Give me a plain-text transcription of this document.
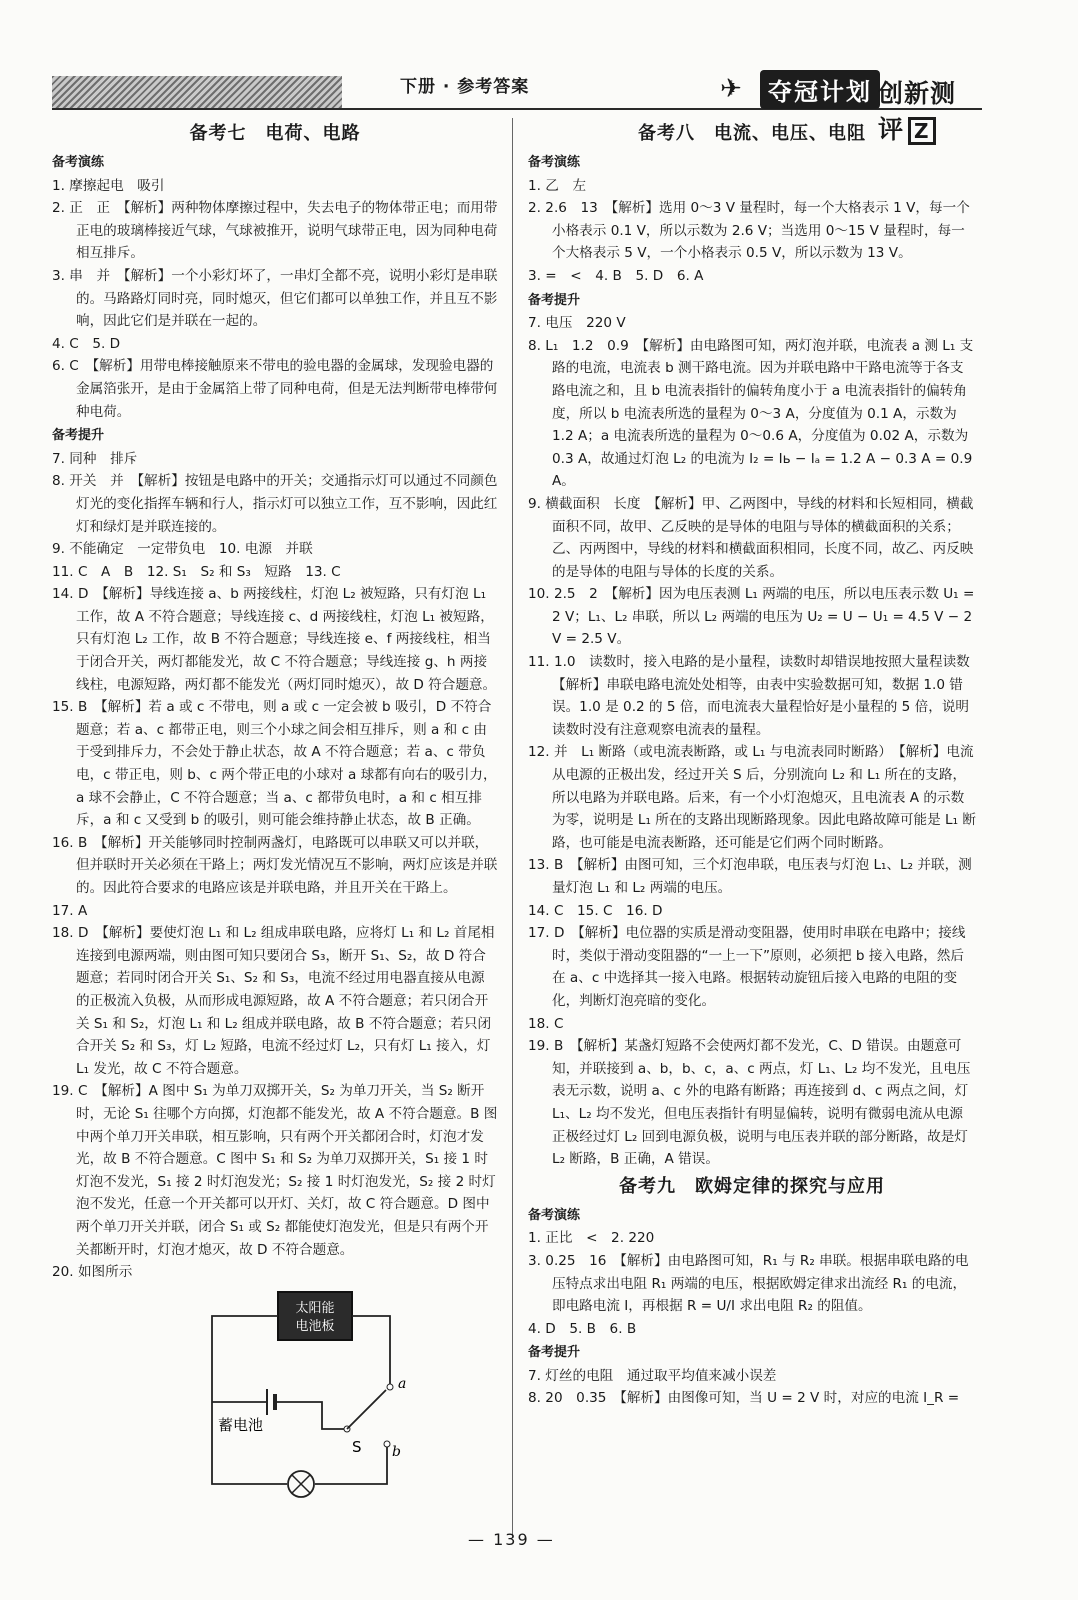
下册 · 参考答案	✈	夺冠计划 创新测评 Z
备考七　电荷、电路
备考演练

1. 摩擦起电　吸引

2. 正　正　【解析】两种物体摩擦过程中，失去电子的物体带正电；而用带正电的玻璃棒接近气球，气球被推开，说明气球带正电，因为同种电荷相互排斥。

3. 串　并　【解析】一个小彩灯坏了，一串灯全都不亮，说明小彩灯是串联的。马路路灯同时亮，同时熄灭，但它们都可以单独工作，并且互不影响，因此它们是并联在一起的。

4. C　5. D

6. C　【解析】用带电棒接触原来不带电的验电器的金属球，发现验电器的金属箔张开，是由于金属箔上带了同种电荷，但是无法判断带电棒带何种电荷。

备考提升

7. 同种　排斥

8. 开关　并　【解析】按钮是电路中的开关；交通指示灯可以通过不同颜色灯光的变化指挥车辆和行人，指示灯可以独立工作，互不影响，因此红灯和绿灯是并联连接的。

9. 不能确定　一定带负电　10. 电源　并联

11. C　A　B　12. S₁　S₂ 和 S₃　短路　13. C

14. D　【解析】导线连接 a、b 两接线柱，灯泡 L₂ 被短路，只有灯泡 L₁ 工作，故 A 不符合题意；导线连接 c、d 两接线柱，灯泡 L₁ 被短路，只有灯泡 L₂ 工作，故 B 不符合题意；导线连接 e、f 两接线柱，相当于闭合开关，两灯都能发光，故 C 不符合题意；导线连接 g、h 两接线柱，电源短路，两灯都不能发光（两灯同时熄灭），故 D 符合题意。

15. B　【解析】若 a 或 c 不带电，则 a 或 c 一定会被 b 吸引，D 不符合题意；若 a、c 都带正电，则三个小球之间会相互排斥，则 a 和 c 由于受到排斥力，不会处于静止状态，故 A 不符合题意；若 a、c 带负电，c 带正电，则 b、c 两个带正电的小球对 a 球都有向右的吸引力，a 球不会静止，C 不符合题意；当 a、c 都带负电时，a 和 c 相互排斥，a 和 c 又受到 b 的吸引，则可能会维持静止状态，故 B 正确。

16. B　【解析】开关能够同时控制两盏灯，电路既可以串联又可以并联，但并联时开关必须在干路上；两灯发光情况互不影响，两灯应该是并联的。因此符合要求的电路应该是并联电路，并且开关在干路上。

17. A

18. D　【解析】要使灯泡 L₁ 和 L₂ 组成串联电路，应将灯 L₁ 和 L₂ 首尾相连接到电源两端，则由图可知只要闭合 S₃，断开 S₁、S₂，故 D 符合题意；若同时闭合开关 S₁、S₂ 和 S₃，电流不经过用电器直接从电源的正极流入负极，从而形成电源短路，故 A 不符合题意；若只闭合开关 S₁ 和 S₂，灯泡 L₁ 和 L₂ 组成并联电路，故 B 不符合题意；若只闭合开关 S₂ 和 S₃，灯 L₂ 短路，电流不经过灯 L₂，只有灯 L₁ 接入，灯 L₁ 发光，故 C 不符合题意。

19. C　【解析】A 图中 S₁ 为单刀双掷开关，S₂ 为单刀开关，当 S₂ 断开时，无论 S₁ 往哪个方向掷，灯泡都不能发光，故 A 不符合题意。B 图中两个单刀开关串联，相互影响，只有两个开关都闭合时，灯泡才发光，故 B 不符合题意。C 图中 S₁ 和 S₂ 为单刀双掷开关，S₁ 接 1 时灯泡不发光，S₁ 接 2 时灯泡发光；S₂ 接 1 时灯泡发光，S₂ 接 2 时灯泡不发光，任意一个开关都可以开灯、关灯，故 C 符合题意。D 图中两个单刀开关并联，闭合 S₁ 或 S₂ 都能使灯泡发光，但是只有两个开关都断开时，灯泡才熄灭，故 D 不符合题意。

20. 如图所示

太阳能
电池板
蓄电池
a
b
S
备考八　电流、电压、电阻
备考演练

1. 乙　左

2. 2.6　13　【解析】选用 0～3 V 量程时，每一个大格表示 1 V，每一个小格表示 0.1 V，所以示数为 2.6 V；当选用 0～15 V 量程时，每一个大格表示 5 V，一个小格表示 0.5 V，所以示数为 13 V。

3. =　<　4. B　5. D　6. A

备考提升

7. 电压　220 V

8. L₁　1.2　0.9　【解析】由电路图可知，两灯泡并联，电流表 a 测 L₁ 支路的电流，电流表 b 测干路电流。因为并联电路中干路电流等于各支路电流之和，且 b 电流表指针的偏转角度小于 a 电流表指针的偏转角度，所以 b 电流表所选的量程为 0～3 A，分度值为 0.1 A，示数为 1.2 A；a 电流表所选的量程为 0～0.6 A，分度值为 0.02 A，示数为 0.3 A，故通过灯泡 L₂ 的电流为 I₂ = Iь − Iₐ = 1.2 A − 0.3 A = 0.9 A。

9. 横截面积　长度　【解析】甲、乙两图中，导线的材料和长短相同，横截面积不同，故甲、乙反映的是导体的电阻与导体的横截面积的关系；乙、丙两图中，导线的材料和横截面积相同，长度不同，故乙、丙反映的是导体的电阻与导体的长度的关系。

10. 2.5　2　【解析】因为电压表测 L₁ 两端的电压，所以电压表示数 U₁ = 2 V；L₁、L₂ 串联，所以 L₂ 两端的电压为 U₂ = U − U₁ = 4.5 V − 2 V = 2.5 V。

11. 1.0　读数时，接入电路的是小量程，读数时却错误地按照大量程读数　【解析】串联电路电流处处相等，由表中实验数据可知，数据 1.0 错误。1.0 是 0.2 的 5 倍，而电流表大量程恰好是小量程的 5 倍，说明读数时没有注意观察电流表的量程。

12. 并　L₁ 断路（或电流表断路，或 L₁ 与电流表同时断路）　【解析】电流从电源的正极出发，经过开关 S 后，分别流向 L₂ 和 L₁ 所在的支路，所以电路为并联电路。后来，有一个小灯泡熄灭，且电流表 A 的示数为零，说明是 L₁ 所在的支路出现断路现象。因此电路故障可能是 L₁ 断路，也可能是电流表断路，还可能是它们两个同时断路。

13. B　【解析】由图可知，三个灯泡串联，电压表与灯泡 L₁、L₂ 并联，测量灯泡 L₁ 和 L₂ 两端的电压。

14. C　15. C　16. D

17. D　【解析】电位器的实质是滑动变阻器，使用时串联在电路中；接线时，类似于滑动变阻器的“一上一下”原则，必须把 b 接入电路，然后在 a、c 中选择其一接入电路。根据转动旋钮后接入电路的电阻的变化，判断灯泡亮暗的变化。

18. C

19. B　【解析】某盏灯短路不会使两灯都不发光，C、D 错误。由题意可知，并联接到 a、b，b、c，a、c 两点，灯 L₁、L₂ 均不发光，且电压表无示数，说明 a、c 外的电路有断路；再连接到 d、c 两点之间，灯 L₁、L₂ 均不发光，但电压表指针有明显偏转，说明有微弱电流从电源正极经过灯 L₂ 回到电源负极，说明与电压表并联的部分断路，故是灯 L₂ 断路，B 正确，A 错误。

备考九　欧姆定律的探究与应用
备考演练

1. 正比　<　2. 220

3. 0.25　16　【解析】由电路图可知，R₁ 与 R₂ 串联。根据串联电路的电压特点求出电阻 R₁ 两端的电压，根据欧姆定律求出流经 R₁ 的电流，即电路电流 I，再根据 R = U/I 求出电阻 R₂ 的阻值。

4. D　5. B　6. B

备考提升

7. 灯丝的电阻　通过取平均值来减小误差

8. 20　0.35　【解析】由图像可知，当 U = 2 V 时，对应的电流 I_R =

— 139 —
